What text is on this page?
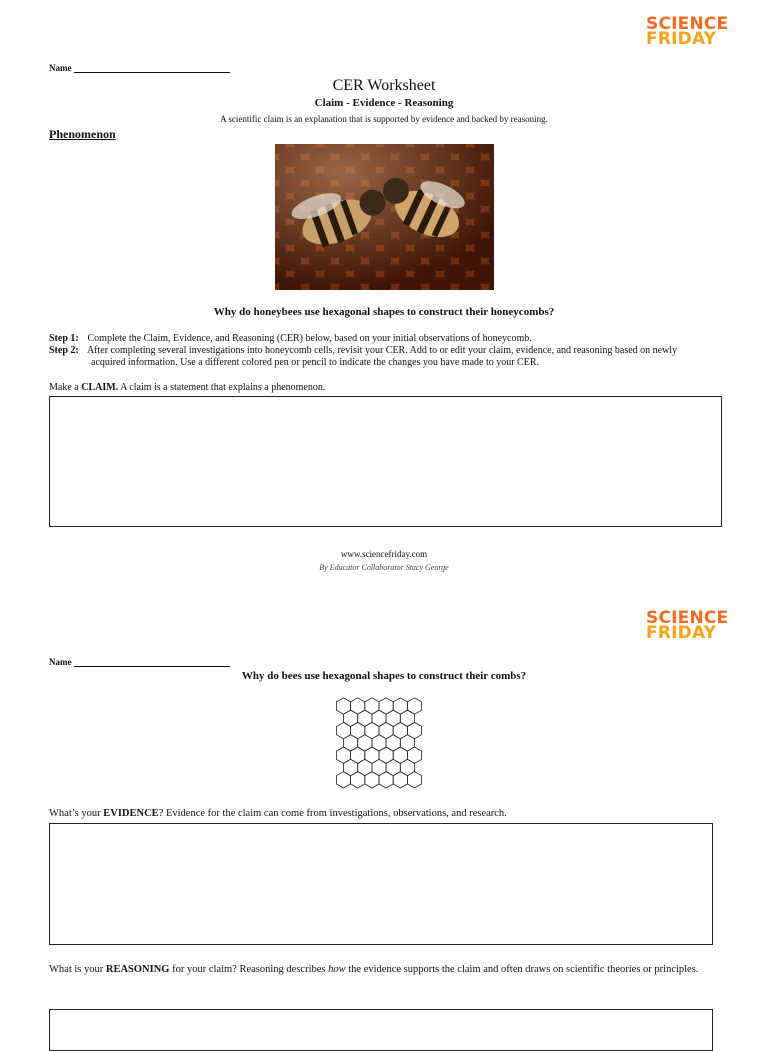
SCIENCE
FRIDAY
Name
CER Worksheet
Claim - Evidence - Reasoning
A scientific claim is an explanation that is supported by evidence and backed by reasoning.
Phenomenon
Why do honeybees use hexagonal shapes to construct their honeycombs?
Step 1: Complete the Claim, Evidence, and Reasoning (CER) below, based on your initial observations of honeycomb.
Step 2: After completing several investigations into honeycomb cells, revisit your CER. Add to or edit your claim, evidence, and reasoning based on newly
acquired information. Use a different colored pen or pencil to indicate the changes you have made to your CER.
Make a CLAIM. A claim is a statement that explains a phenomenon.
www.sciencefriday.com
By Educator Collaborator Stacy George
SCIENCE
FRIDAY
Name
Why do bees use hexagonal shapes to construct their combs?
What’s your EVIDENCE? Evidence for the claim can come from investigations, observations, and research.
What is your REASONING for your claim? Reasoning describes how the evidence supports the claim and often draws on scientific theories or principles.
